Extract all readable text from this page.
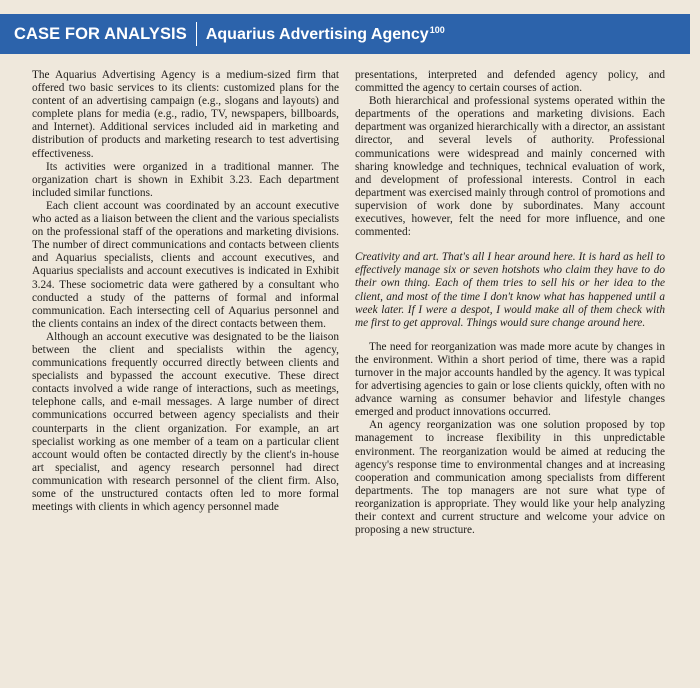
CASE FOR ANALYSIS Aquarius Advertising Agency$^{100}$

The Aquarius Advertising Agency is a medium-sized firm that offered two basic services to its clients: customized plans for the content of an advertising campaign (e.g., slogans and layouts) and complete plans for media (e.g., radio, TV, newspapers, billboards, and Internet). Additional services included aid in marketing and distribution of products and marketing research to test advertising effectiveness.

Its activities were organized in a traditional manner. The organization chart is shown in Exhibit 3.23. Each department included similar functions.

Each client account was coordinated by an account executive who acted as a liaison between the client and the various specialists on the professional staff of the operations and marketing divisions. The number of direct communications and contacts between clients and Aquarius specialists, clients and account executives, and Aquarius specialists and account executives is indicated in Exhibit 3.24. These sociometric data were gathered by a consultant who conducted a study of the patterns of formal and informal communication. Each intersecting cell of Aquarius personnel and the clients contains an index of the direct contacts between them.

Although an account executive was designated to be the liaison between the client and specialists within the agency, communications frequently occurred directly between clients and specialists and bypassed the account executive. These direct contacts involved a wide range of interactions, such as meetings, telephone calls, and e-mail messages. A large number of direct communications occurred between agency specialists and their counterparts in the client organization. For example, an art specialist working as one member of a team on a particular client account would often be contacted directly by the client's in-house art specialist, and agency research personnel had direct communication with research personnel of the client firm. Also, some of the unstructured contacts often led to more formal meetings with clients in which agency personnel made

presentations, interpreted and defended agency policy, and committed the agency to certain courses of action.

Both hierarchical and professional systems operated within the departments of the operations and marketing divisions. Each department was organized hierarchically with a director, an assistant director, and several levels of authority. Professional communications were widespread and mainly concerned with sharing knowledge and techniques, technical evaluation of work, and development of professional interests. Control in each department was exercised mainly through control of promotions and supervision of work done by subordinates. Many account executives, however, felt the need for more influence, and one commented:

Creativity and art. That's all I hear around here. It is hard as hell to effectively manage six or seven hotshots who claim they have to do their own thing. Each of them tries to sell his or her idea to the client, and most of the time I don't know what has happened until a week later. If I were a despot, I would make all of them check with me first to get approval. Things would sure change around here.

The need for reorganization was made more acute by changes in the environment. Within a short period of time, there was a rapid turnover in the major accounts handled by the agency. It was typical for advertising agencies to gain or lose clients quickly, often with no advance warning as consumer behavior and lifestyle changes emerged and product innovations occurred.

An agency reorganization was one solution proposed by top management to increase flexibility in this unpredictable environment. The reorganization would be aimed at reducing the agency's response time to environmental changes and at increasing cooperation and communication among specialists from different departments. The top managers are not sure what type of reorganization is appropriate. They would like your help analyzing their context and current structure and welcome your advice on proposing a new structure.
